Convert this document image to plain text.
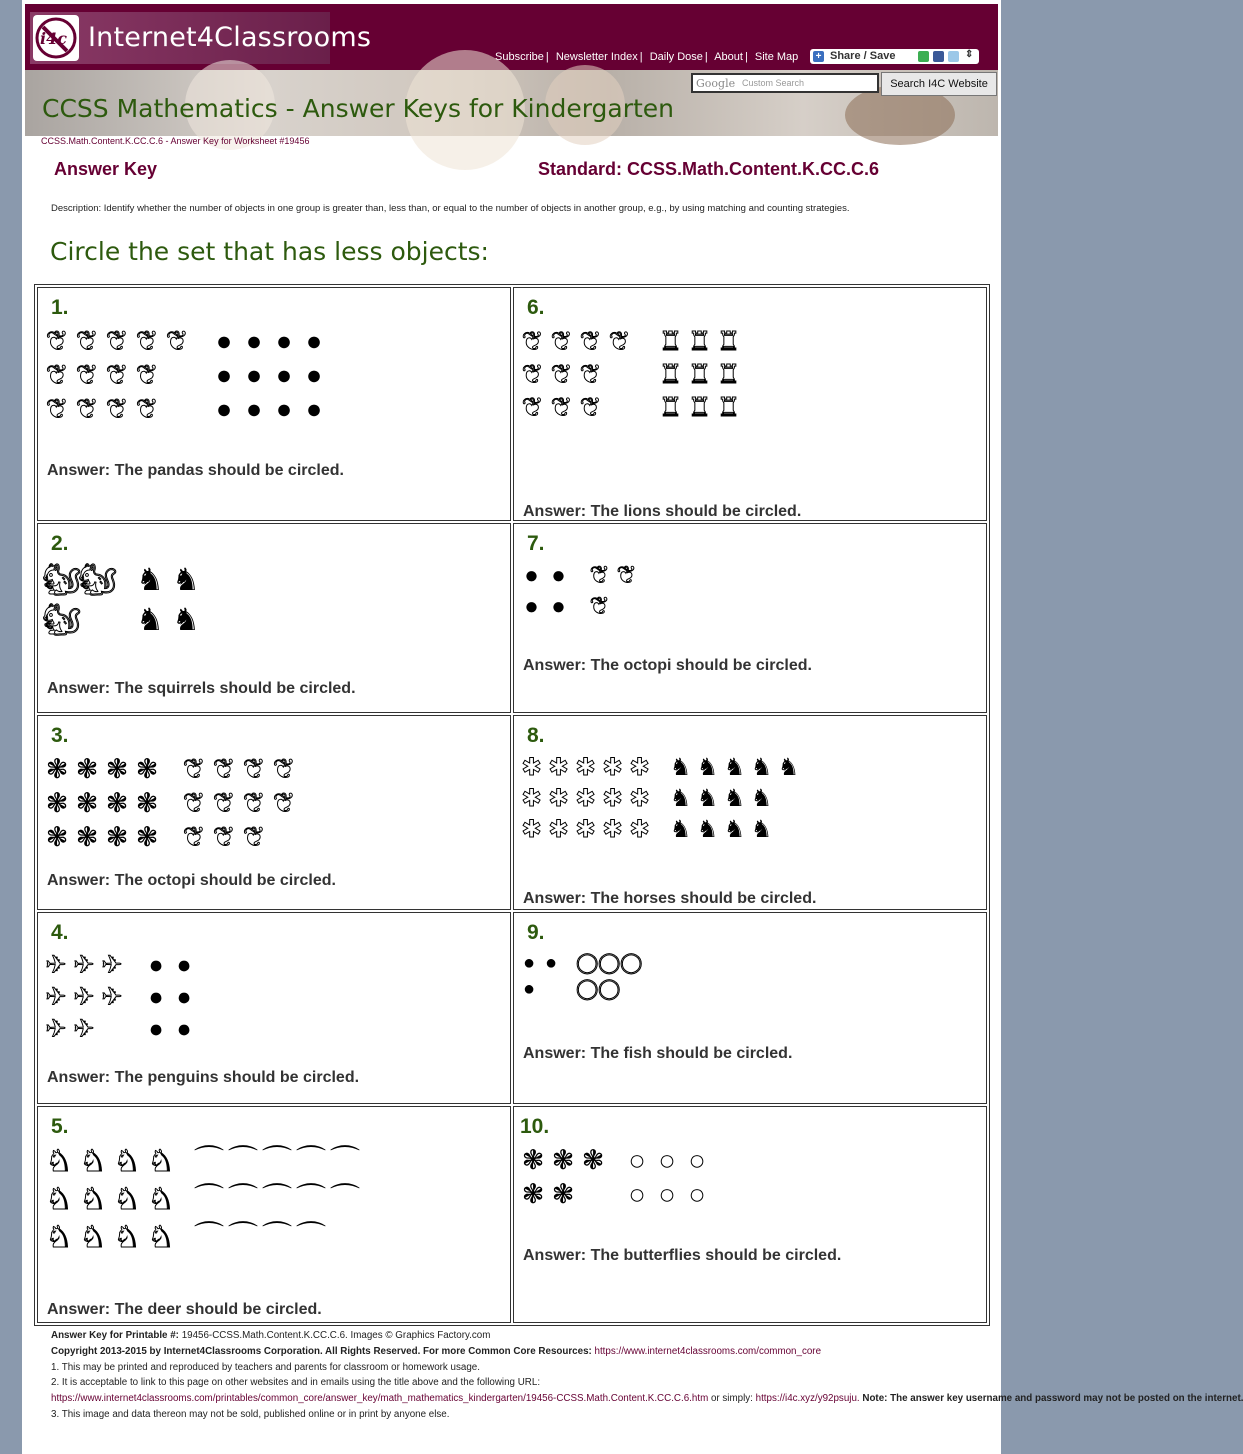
i4c Internet4Classrooms
Subscribe | Newsletter Index | Daily Dose | About | Site Map + Share / Save	⇕
Google Custom Search	Search I4C Website
CCSS Mathematics - Answer Keys for Kindergarten
CCSS.Math.Content.K.CC.C.6 - Answer Key for Worksheet #19456
Answer Key	Standard: CCSS.Math.Content.K.CC.C.6
Description: Identify whether the number of objects in one group is greater than, less than, or equal to the number of objects in another group, e.g., by using matching and counting strategies.
Circle the set that has less objects:
1.
❦ ❦ ❦ ❦ ❦
❦ ❦ ❦ ❦
❦ ❦ ❦ ❦
● ● ● ●
● ● ● ●
● ● ● ●
Answer: The pandas should be circled.
2.
🐿
🐿
🐿
♞ ♞
♞ ♞
Answer: The squirrels should be circled.
3.
❃ ❃ ❃ ❃
❃ ❃ ❃ ❃
❃ ❃ ❃ ❃
❦ ❦ ❦ ❦
❦ ❦ ❦ ❦
❦ ❦ ❦
Answer: The octopi should be circled.
4.
✈ ✈ ✈
✈ ✈ ✈
✈ ✈
● ●
● ●
● ●
Answer: The penguins should be circled.
5.
♞ ♞ ♞ ♞
♞ ♞ ♞ ♞
♞ ♞ ♞ ♞
⌒ ⌒ ⌒ ⌒ ⌒
⌒ ⌒ ⌒ ⌒ ⌒
⌒ ⌒ ⌒ ⌒
Answer: The deer should be circled.
6.
❦ ❦ ❦ ❦
❦ ❦ ❦
❦ ❦ ❦
♜ ♜ ♜
♜ ♜ ♜
♜ ♜ ♜
Answer: The lions should be circled.
7.
● ●
● ●
❦ ❦
❦
Answer: The octopi should be circled.
8.
✱ ✱ ✱ ✱ ✱
✱ ✱ ✱ ✱ ✱
✱ ✱ ✱ ✱ ✱
♞ ♞ ♞ ♞ ♞
♞ ♞ ♞ ♞
♞ ♞ ♞ ♞
Answer: The horses should be circled.
9.
● ●
●
◯ ◯ ◯
◯ ◯
Answer: The fish should be circled.
10.
❃ ❃ ❃
❃ ❃
● ● ●
● ● ●
Answer: The butterflies should be circled.
Answer Key for Printable #: 19456-CCSS.Math.Content.K.CC.C.6. Images © Graphics Factory.com
Copyright 2013-2015 by Internet4Classrooms Corporation. All Rights Reserved. For more Common Core Resources: https://www.internet4classrooms.com/common_core
1. This may be printed and reproduced by teachers and parents for classroom or homework usage.
2. It is acceptable to link to this page on other websites and in emails using the title above and the following URL:
https://www.internet4classrooms.com/printables/common_core/answer_key/math_mathematics_kindergarten/19456-CCSS.Math.Content.K.CC.C.6.htm or simply: https://i4c.xyz/y92psuju. Note: The answer key username and password may not be posted on the internet.
3. This image and data thereon may not be sold, published online or in print by anyone else.
